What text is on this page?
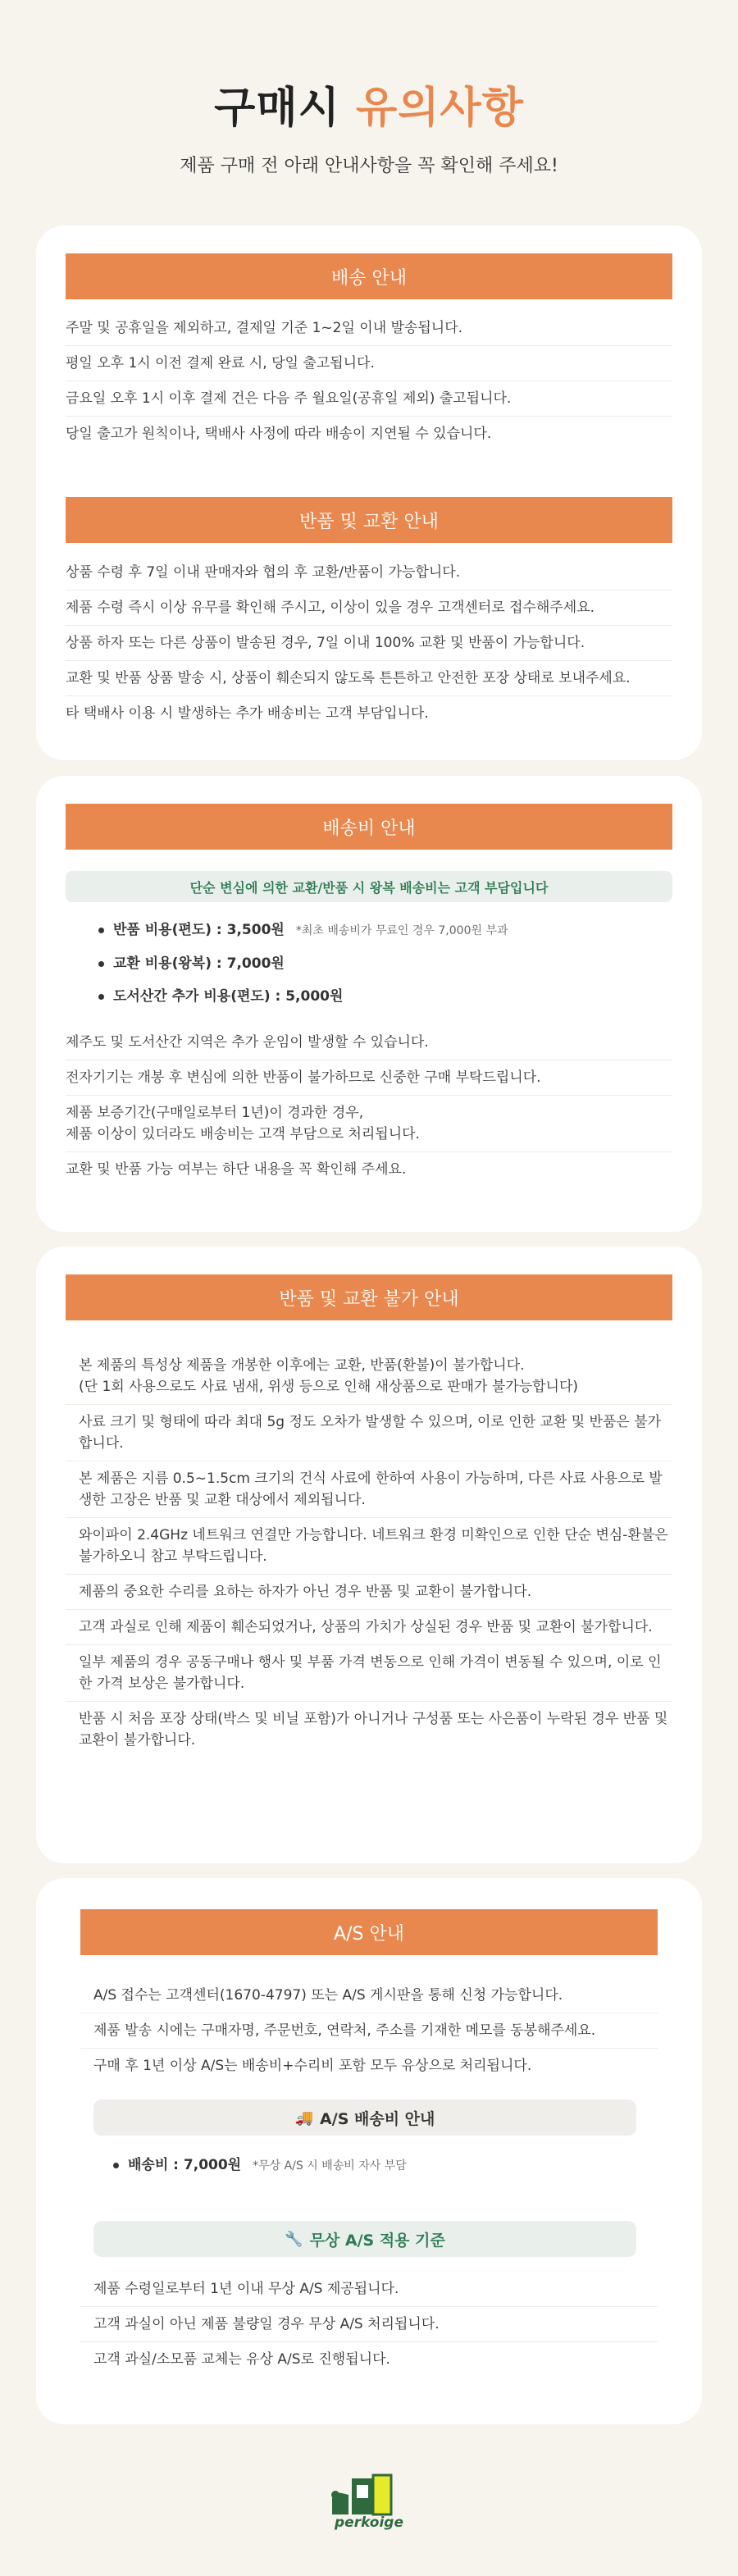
구매시 유의사항
제품 구매 전 아래 안내사항을 꼭 확인해 주세요!
배송 안내
주말 및 공휴일을 제외하고, 결제일 기준 1~2일 이내 발송됩니다.
평일 오후 1시 이전 결제 완료 시, 당일 출고됩니다.
금요일 오후 1시 이후 결제 건은 다음 주 월요일(공휴일 제외) 출고됩니다.
당일 출고가 원칙이나, 택배사 사정에 따라 배송이 지연될 수 있습니다.
반품 및 교환 안내
상품 수령 후 7일 이내 판매자와 협의 후 교환/반품이 가능합니다.
제품 수령 즉시 이상 유무를 확인해 주시고, 이상이 있을 경우 고객센터로 접수해주세요.
상품 하자 또는 다른 상품이 발송된 경우, 7일 이내 100% 교환 및 반품이 가능합니다.
교환 및 반품 상품 발송 시, 상품이 훼손되지 않도록 튼튼하고 안전한 포장 상태로 보내주세요.
타 택배사 이용 시 발생하는 추가 배송비는 고객 부담입니다.
배송비 안내
단순 변심에 의한 교환/반품 시 왕복 배송비는 고객 부담입니다
반품 비용(편도) : 3,500원 *최초 배송비가 무료인 경우 7,000원 부과
교환 비용(왕복) : 7,000원
도서산간 추가 비용(편도) : 5,000원
제주도 및 도서산간 지역은 추가 운임이 발생할 수 있습니다.
전자기기는 개봉 후 변심에 의한 반품이 불가하므로 신중한 구매 부탁드립니다.
제품 보증기간(구매일로부터 1년)이 경과한 경우,
제품 이상이 있더라도 배송비는 고객 부담으로 처리됩니다.
교환 및 반품 가능 여부는 하단 내용을 꼭 확인해 주세요.
반품 및 교환 불가 안내
본 제품의 특성상 제품을 개봉한 이후에는 교환, 반품(환불)이 불가합니다.
(단 1회 사용으로도 사료 냄새, 위생 등으로 인해 새상품으로 판매가 불가능합니다)
사료 크기 및 형태에 따라 최대 5g 정도 오차가 발생할 수 있으며, 이로 인한 교환 및 반품은 불가합니다.
본 제품은 지름 0.5~1.5cm 크기의 건식 사료에 한하여 사용이 가능하며, 다른 사료 사용으로 발생한 고장은 반품 및 교환 대상에서 제외됩니다.
와이파이 2.4GHz 네트워크 연결만 가능합니다. 네트워크 환경 미확인으로 인한 단순 변심-환불은 불가하오니 참고 부탁드립니다.
제품의 중요한 수리를 요하는 하자가 아닌 경우 반품 및 교환이 불가합니다.
고객 과실로 인해 제품이 훼손되었거나, 상품의 가치가 상실된 경우 반품 및 교환이 불가합니다.
일부 제품의 경우 공동구매나 행사 및 부품 가격 변동으로 인해 가격이 변동될 수 있으며, 이로 인한 가격 보상은 불가합니다.
반품 시 처음 포장 상태(박스 및 비닐 포함)가 아니거나 구성품 또는 사은품이 누락된 경우 반품 및 교환이 불가합니다.
A/S 안내
A/S 접수는 고객센터(1670-4797) 또는 A/S 게시판을 통해 신청 가능합니다.
제품 발송 시에는 구매자명, 주문번호, 연락처, 주소를 기재한 메모를 동봉해주세요.
구매 후 1년 이상 A/S는 배송비+수리비 포함 모두 유상으로 처리됩니다.
🚚 A/S 배송비 안내
배송비 : 7,000원 *무상 A/S 시 배송비 자사 부담
🔧 무상 A/S 적용 기준
제품 수령일로부터 1년 이내 무상 A/S 제공됩니다.
고객 과실이 아닌 제품 불량일 경우 무상 A/S 처리됩니다.
고객 과실/소모품 교체는 유상 A/S로 진행됩니다.
perkoige
